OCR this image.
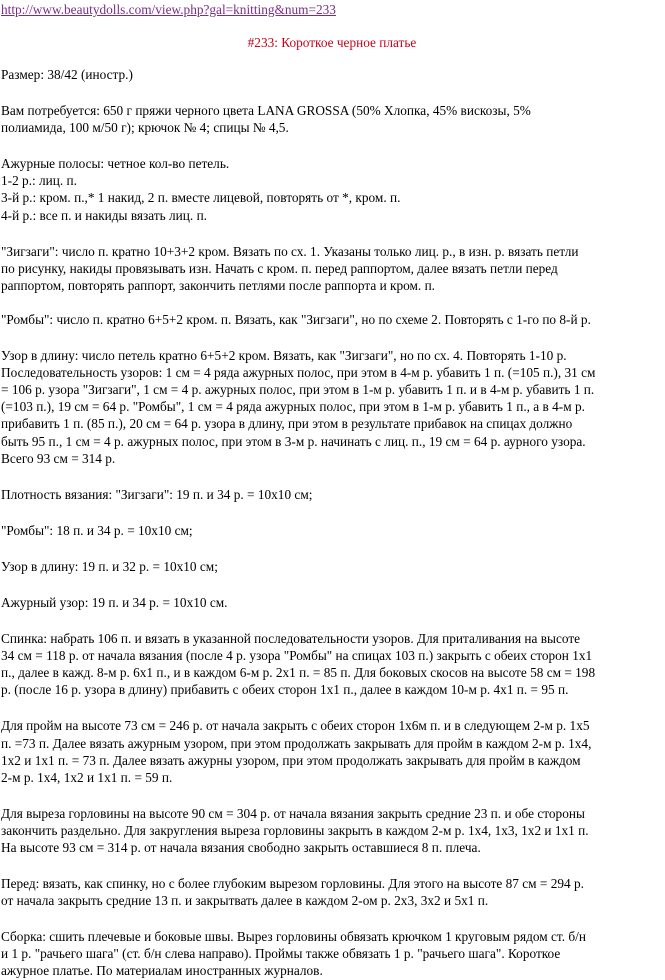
http://www.beautydolls.com/view.php?gal=knitting&num=233
#233: Короткое черное платье
Размер: 38/42 (иностр.)
Вам потребуется: 650 г пряжи черного цвета LANA GROSSA (50% Хлопка, 45% вискозы, 5%
полиамида, 100 м/50 г); крючок № 4; спицы № 4,5.
Ажурные полосы: четное кол-во петель.
1-2 р.: лиц. п.
3-й р.: кром. п.,* 1 накид, 2 п. вместе лицевой, повторять от *, кром. п.
4-й р.: все п. и накиды вязать лиц. п.
"Зигзаги": число п. кратно 10+3+2 кром. Вязать по сх. 1. Указаны только лиц. р., в изн. р. вязать петли
по рисунку, накиды провязывать изн. Начать с кром. п. перед раппортом, далее вязать петли перед
раппортом, повторять раппорт, закончить петлями после раппорта и кром. п.
"Ромбы": число п. кратно 6+5+2 кром. п. Вязать, как "Зигзаги", но по схеме 2. Повторять с 1-го по 8-й р.
Узор в длину: число петель кратно 6+5+2 кром. Вязать, как "Зигзаги", но по сх. 4. Повторять 1-10 р.
Последовательность узоров: 1 см = 4 ряда ажурных полос, при этом в 4-м р. убавить 1 п. (=105 п.), 31 см
= 106 р. узора "Зигзаги", 1 см = 4 р. ажурных полос, при этом в 1-м р. убавить 1 п. и в 4-м р. убавить 1 п.
(=103 п.), 19 см = 64 р. "Ромбы", 1 см = 4 ряда ажурных полос, при этом в 1-м р. убавить 1 п., а в 4-м р.
прибавить 1 п. (85 п.), 20 см = 64 р. узора в длину, при этом в результате прибавок на спицах должно
быть 95 п., 1 см = 4 р. ажурных полос, при этом в 3-м р. начинать с лиц. п., 19 см = 64 р. аурного узора.
Всего 93 см = 314 р.
Плотность вязания: "Зигзаги": 19 п. и 34 р. = 10х10 см;
"Ромбы": 18 п. и 34 р. = 10х10 см;
Узор в длину: 19 п. и 32 р. = 10х10 см;
Ажурный узор: 19 п. и 34 р. = 10х10 см.
Спинка: набрать 106 п. и вязать в указанной последовательности узоров. Для приталивания на высоте
34 см = 118 р. от начала вязания (после 4 р. узора "Ромбы" на спицах 103 п.) закрыть с обеих сторон 1х1
п., далее в кажд. 8-м р. 6х1 п., и в каждом 6-м р. 2х1 п. = 85 п. Для боковых скосов на высоте 58 см = 198
р. (после 16 р. узора в длину) прибавить с обеих сторон 1х1 п., далее в каждом 10-м р. 4х1 п. = 95 п.
Для пройм на высоте 73 см = 246 р. от начала закрыть с обеих сторон 1х6м п. и в следующем 2-м р. 1х5
п. =73 п. Далее вязать ажурным узором, при этом продолжать закрывать для пройм в каждом 2-м р. 1х4,
1х2 и 1х1 п. = 73 п. Далее вязать ажурны узором, при этом продолжать закрывать для пройм в каждом
2-м р. 1х4, 1х2 и 1х1 п. = 59 п.
Для выреза горловины на высоте 90 см = 304 р. от начала вязания закрыть средние 23 п. и обе стороны
закончить раздельно. Для закругления выреза горловины закрыть в каждом 2-м р. 1х4, 1х3, 1х2 и 1х1 п.
На высоте 93 см = 314 р. от начала вязания свободно закрыть оставшиеся 8 п. плеча.
Перед: вязать, как спинку, но с более глубоким вырезом горловины. Для этого на высоте 87 см = 294 р.
от начала закрыть средние 13 п. и закрытвать далее в каждом 2-ом р. 2х3, 3х2 и 5х1 п.
Сборка: сшить плечевые и боковые швы. Вырез горловины обвязать крючком 1 круговым рядом ст. б/н
и 1 р. "рачьего шага" (ст. б/н слева направо). Проймы также обвязать 1 р. "рачьего шага". Короткое
ажурное платье. По материалам иностранных журналов.
